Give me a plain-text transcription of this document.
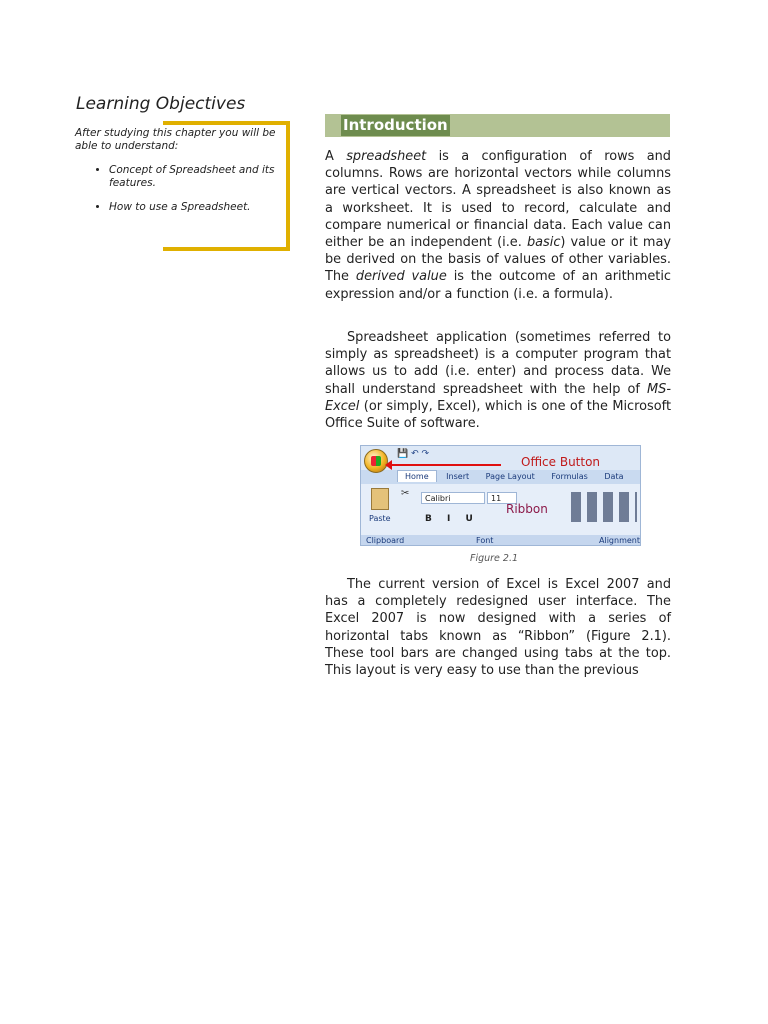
Learning Objectives

After studying this chapter you will be able to understand:

• Concept of Spreadsheet and its features.
• How to use a Spreadsheet.
Introduction

A spreadsheet is a configuration of rows and columns. Rows are horizontal vectors while columns are vertical vectors. A spreadsheet is also known as a worksheet. It is used to record, calculate and compare numerical or financial data. Each value can either be an independent (i.e. basic) value or it may be derived on the basis of values of other variables. The derived value is the outcome of an arithmetic expression and/or a function (i.e. a formula).

Spreadsheet application (sometimes referred to simply as spreadsheet) is a computer program that allows us to add (i.e. enter) and process data. We shall understand spreadsheet with the help of MS-Excel (or simply, Excel), which is one of the Microsoft Office Suite of software.

💾 ↶ ↷
Office Button
Home Insert Page Layout Formulas Data
Paste
✂	Calibri	11
B I U
Ribbon
Clipboard	Font	Alignment

Figure 2.1

The current version of Excel is Excel 2007 and has a completely redesigned user interface. The Excel 2007 is now designed with a series of horizontal tabs known as “Ribbon” (Figure 2.1). These tool bars are changed using tabs at the top. This layout is very easy to use than the previous
